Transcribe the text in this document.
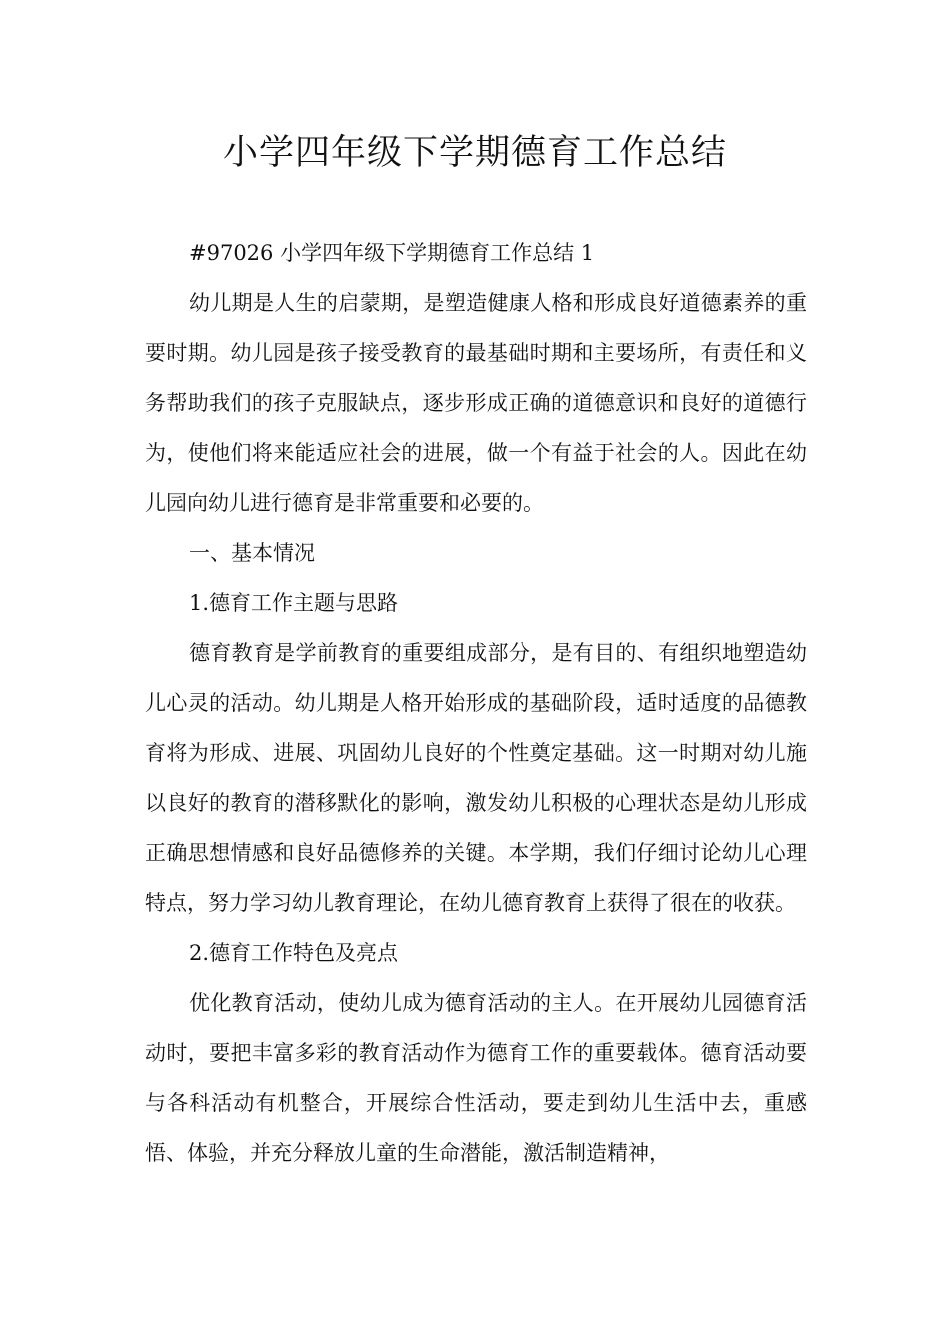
小学四年级下学期德育工作总结

#97026 小学四年级下学期德育工作总结 1

幼儿期是人生的启蒙期，是塑造健康人格和形成良好道德素养的重要时期。幼儿园是孩子接受教育的最基础时期和主要场所，有责任和义务帮助我们的孩子克服缺点，逐步形成正确的道德意识和良好的道德行为，使他们将来能适应社会的进展，做一个有益于社会的人。因此在幼儿园向幼儿进行德育是非常重要和必要的。

一、基本情况

1.德育工作主题与思路

德育教育是学前教育的重要组成部分，是有目的、有组织地塑造幼儿心灵的活动。幼儿期是人格开始形成的基础阶段，适时适度的品德教育将为形成、进展、巩固幼儿良好的个性奠定基础。这一时期对幼儿施以良好的教育的潜移默化的影响，激发幼儿积极的心理状态是幼儿形成正确思想情感和良好品德修养的关键。本学期，我们仔细讨论幼儿心理特点，努力学习幼儿教育理论，在幼儿德育教育上获得了很在的收获。

2.德育工作特色及亮点

优化教育活动，使幼儿成为德育活动的主人。在开展幼儿园德育活动时，要把丰富多彩的教育活动作为德育工作的重要载体。德育活动要与各科活动有机整合，开展综合性活动，要走到幼儿生活中去，重感悟、体验，并充分释放儿童的生命潜能，激活制造精神，
